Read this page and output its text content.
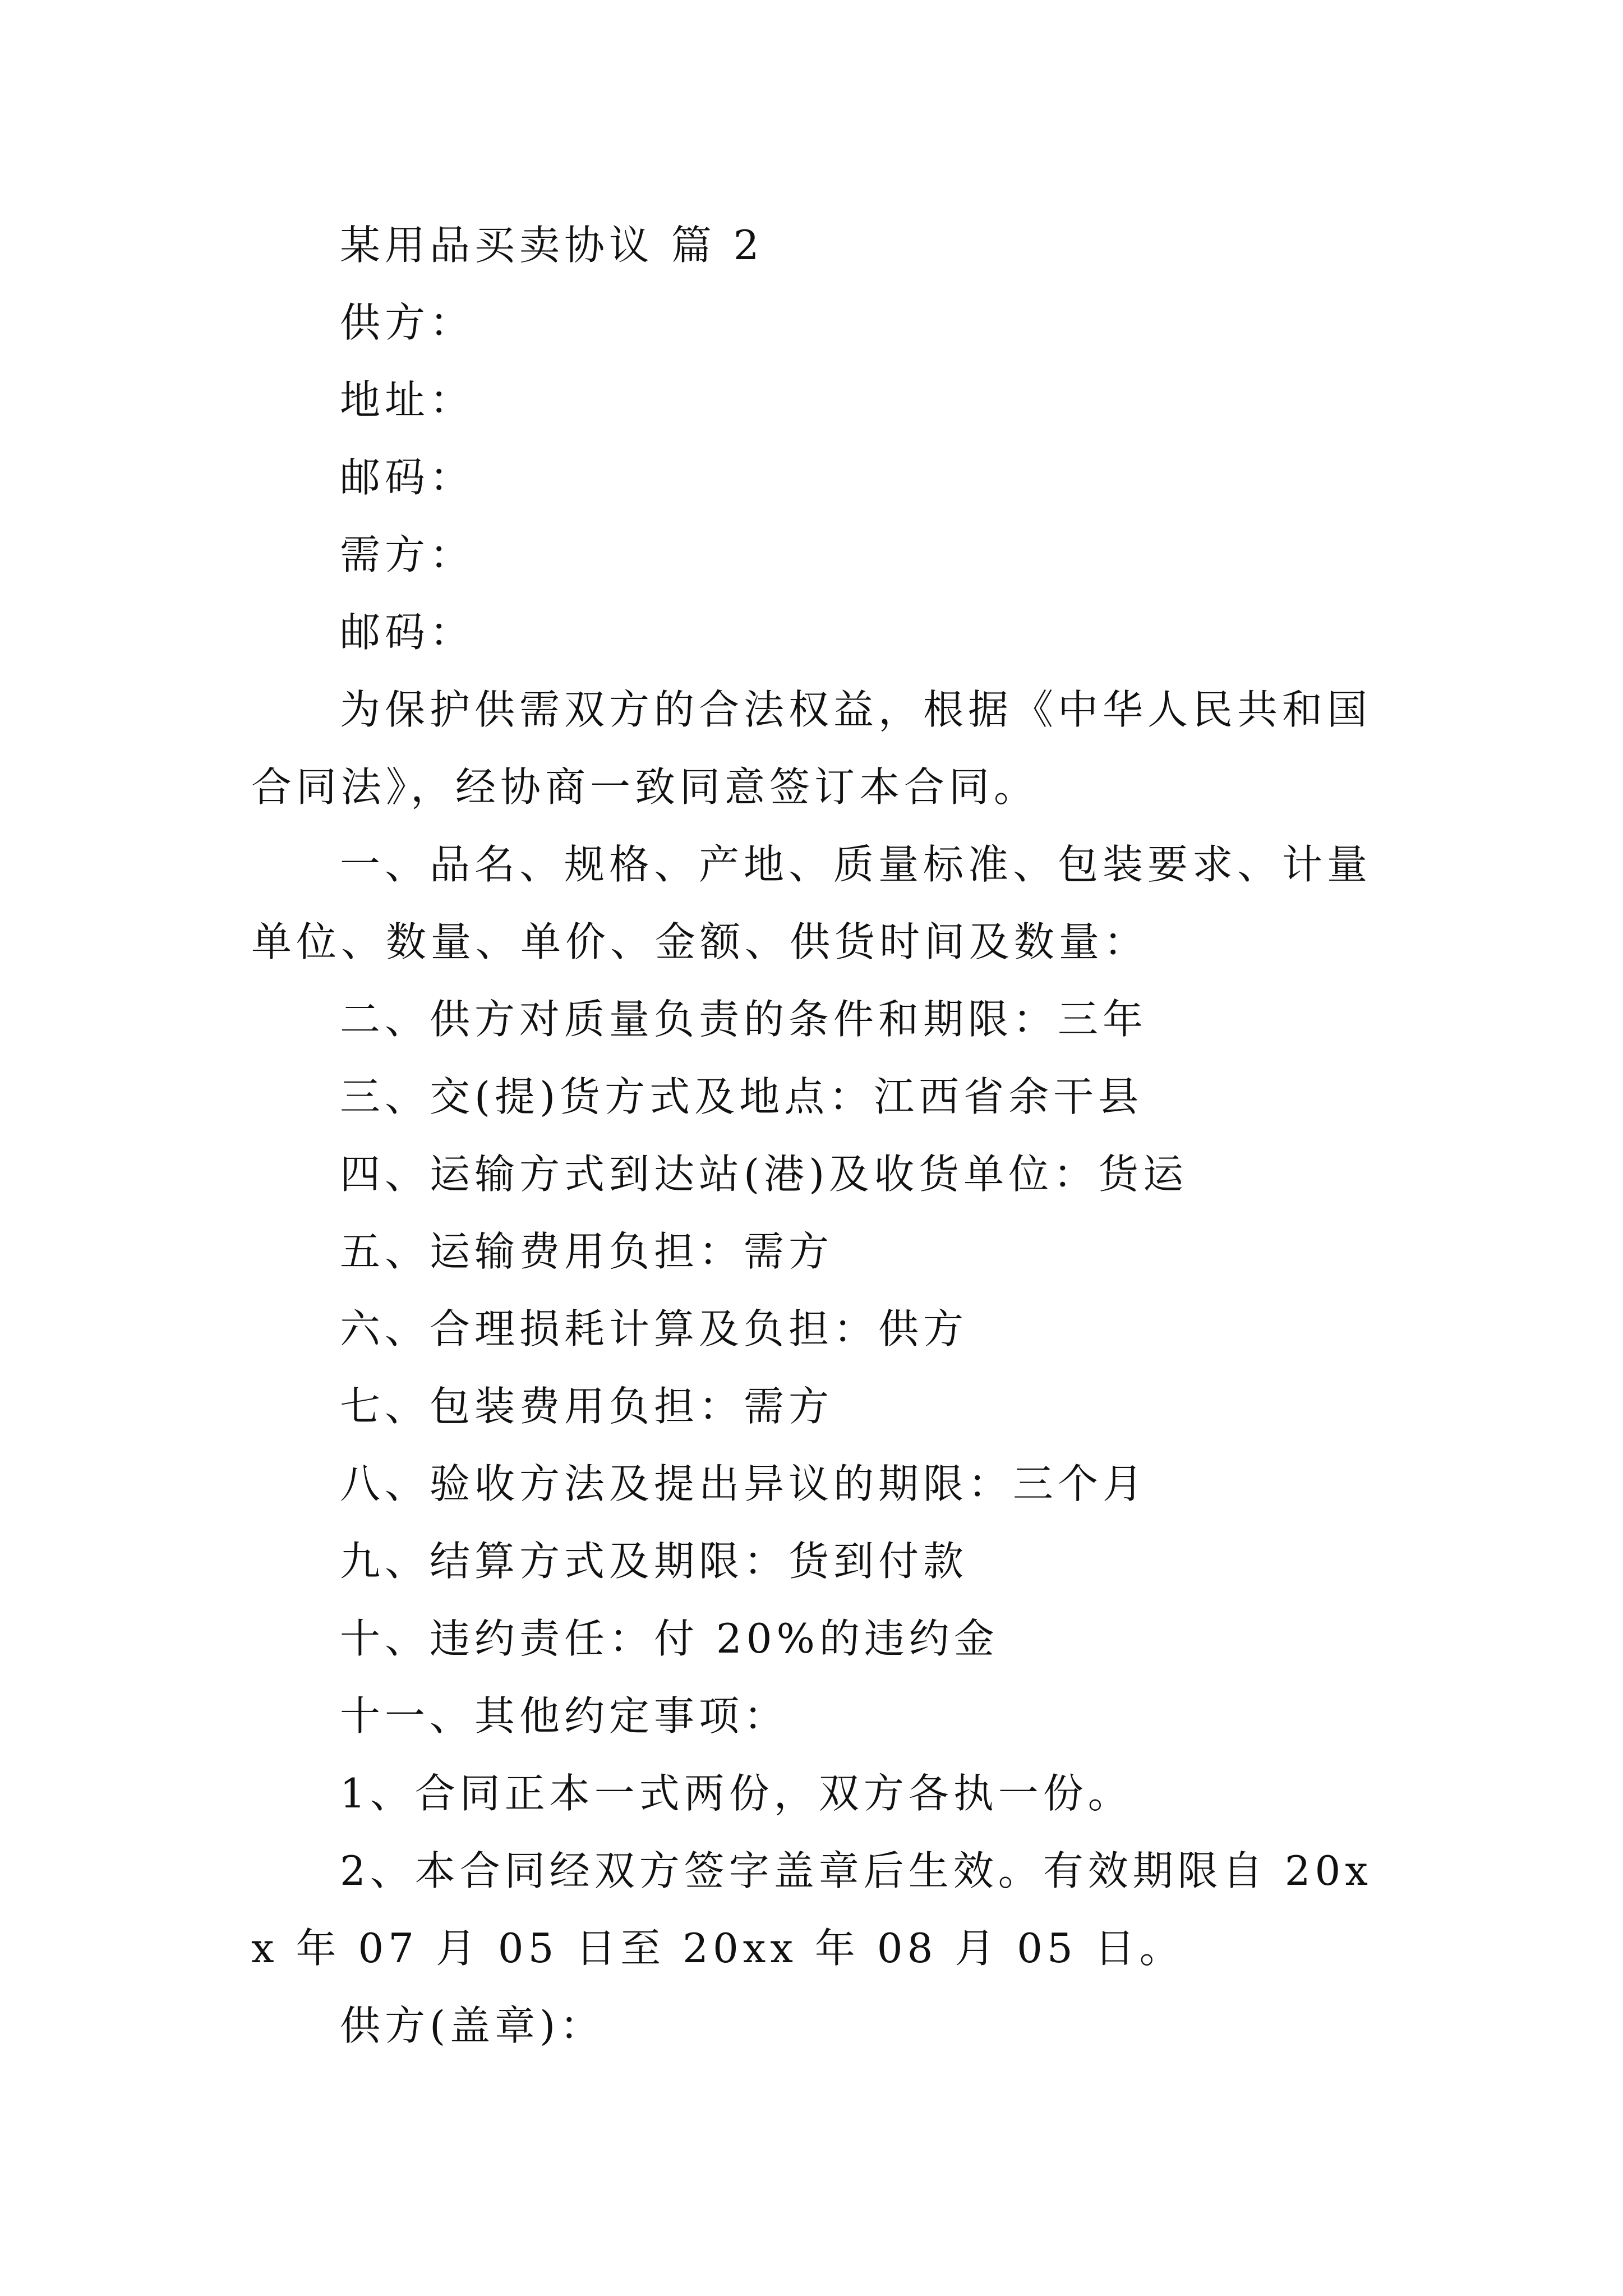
某用品买卖协议 篇 2

供方：

地址：

邮码：

需方：

邮码：

为保护供需双方的合法权益，根据《中华人民共和国合同法》，经协商一致同意签订本合同。

一、品名、规格、产地、质量标准、包装要求、计量单位、数量、单价、金额、供货时间及数量：

二、供方对质量负责的条件和期限：三年

三、交(提)货方式及地点：江西省余干县

四、运输方式到达站(港)及收货单位：货运

五、运输费用负担：需方

六、合理损耗计算及负担：供方

七、包装费用负担：需方

八、验收方法及提出异议的期限：三个月

九、结算方式及期限：货到付款

十、违约责任：付 20%的违约金

十一、其他约定事项：

1、合同正本一式两份，双方各执一份。

2、本合同经双方签字盖章后生效。有效期限自 20xx 年 07 月 05 日至 20xx 年 08 月 05 日。

供方(盖章)：
